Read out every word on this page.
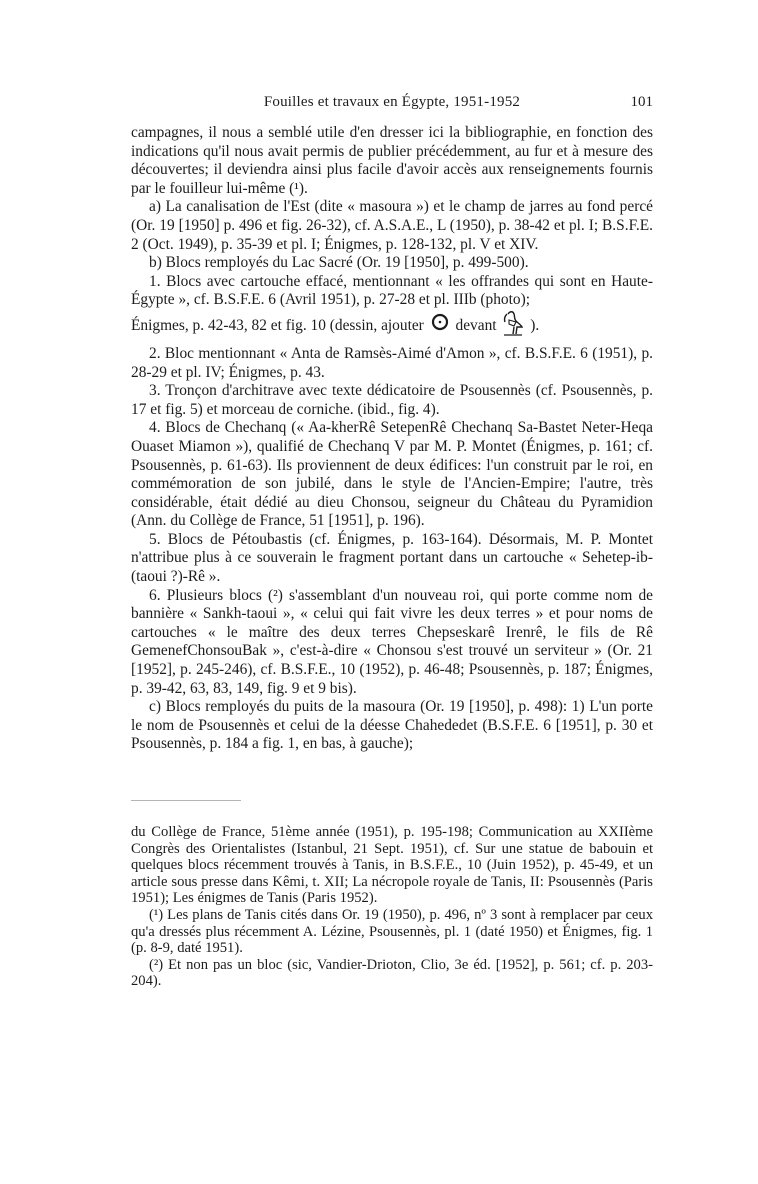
Fouilles et travaux en Égypte, 1951-1952	101

campagnes, il nous a semblé utile d'en dresser ici la bibliographie, en fonction des indications qu'il nous avait permis de publier précédemment, au fur et à mesure des découvertes; il deviendra ainsi plus facile d'avoir accès aux renseignements fournis par le fouilleur lui-même (¹).

a) La canalisation de l'Est (dite « masoura ») et le champ de jarres au fond percé (Or. 19 [1950] p. 496 et fig. 26-32), cf. A.S.A.E., L (1950), p. 38-42 et pl. I; B.S.F.E. 2 (Oct. 1949), p. 35-39 et pl. I; Énigmes, p. 128-132, pl. V et XIV.

b) Blocs remployés du Lac Sacré (Or. 19 [1950], p. 499-500).

1. Blocs avec cartouche effacé, mentionnant « les offrandes qui sont en Haute-Égypte », cf. B.S.F.E. 6 (Avril 1951), p. 27-28 et pl. IIIb (photo);

Énigmes, p. 42-43, 82 et fig. 10 (dessin, ajouter devant ).

2. Bloc mentionnant « Anta de Ramsès-Aimé d'Amon », cf. B.S.F.E. 6 (1951), p. 28-29 et pl. IV; Énigmes, p. 43.

3. Tronçon d'architrave avec texte dédicatoire de Psousennès (cf. Psousennès, p. 17 et fig. 5) et morceau de corniche. (ibid., fig. 4).

4. Blocs de Chechanq (« Aa-kherRê SetepenRê Chechanq Sa-Bastet Neter-Heqa Ouaset Miamon »), qualifié de Chechanq V par M. P. Montet (Énigmes, p. 161; cf. Psousennès, p. 61-63). Ils proviennent de deux édifices: l'un construit par le roi, en commémoration de son jubilé, dans le style de l'Ancien-Empire; l'autre, très considérable, était dédié au dieu Chonsou, seigneur du Château du Pyramidion (Ann. du Collège de France, 51 [1951], p. 196).

5. Blocs de Pétoubastis (cf. Énigmes, p. 163-164). Désormais, M. P. Montet n'attribue plus à ce souverain le fragment portant dans un cartouche « Sehetep-ib-(taoui ?)-Rê ».

6. Plusieurs blocs (²) s'assemblant d'un nouveau roi, qui porte comme nom de bannière « Sankh-taoui », « celui qui fait vivre les deux terres » et pour noms de cartouches « le maître des deux terres Chepseskarê Irenrê, le fils de Rê GemenefChonsouBak », c'est-à-dire « Chonsou s'est trouvé un serviteur » (Or. 21 [1952], p. 245-246), cf. B.S.F.E., 10 (1952), p. 46-48; Psousennès, p. 187; Énigmes, p. 39-42, 63, 83, 149, fig. 9 et 9 bis).

c) Blocs remployés du puits de la masoura (Or. 19 [1950], p. 498): 1) L'un porte le nom de Psousennès et celui de la déesse Chahededet (B.S.F.E. 6 [1951], p. 30 et Psousennès, p. 184 a fig. 1, en bas, à gauche);

du Collège de France, 51ème année (1951), p. 195-198; Communication au XXIIème Congrès des Orientalistes (Istanbul, 21 Sept. 1951), cf. Sur une statue de babouin et quelques blocs récemment trouvés à Tanis, in B.S.F.E., 10 (Juin 1952), p. 45-49, et un article sous presse dans Kêmi, t. XII; La nécropole royale de Tanis, II: Psousennès (Paris 1951); Les énigmes de Tanis (Paris 1952).

(¹) Les plans de Tanis cités dans Or. 19 (1950), p. 496, nº 3 sont à remplacer par ceux qu'a dressés plus récemment A. Lézine, Psousennès, pl. 1 (daté 1950) et Énigmes, fig. 1 (p. 8-9, daté 1951).

(²) Et non pas un bloc (sic, Vandier-Drioton, Clio, 3e éd. [1952], p. 561; cf. p. 203-204).
